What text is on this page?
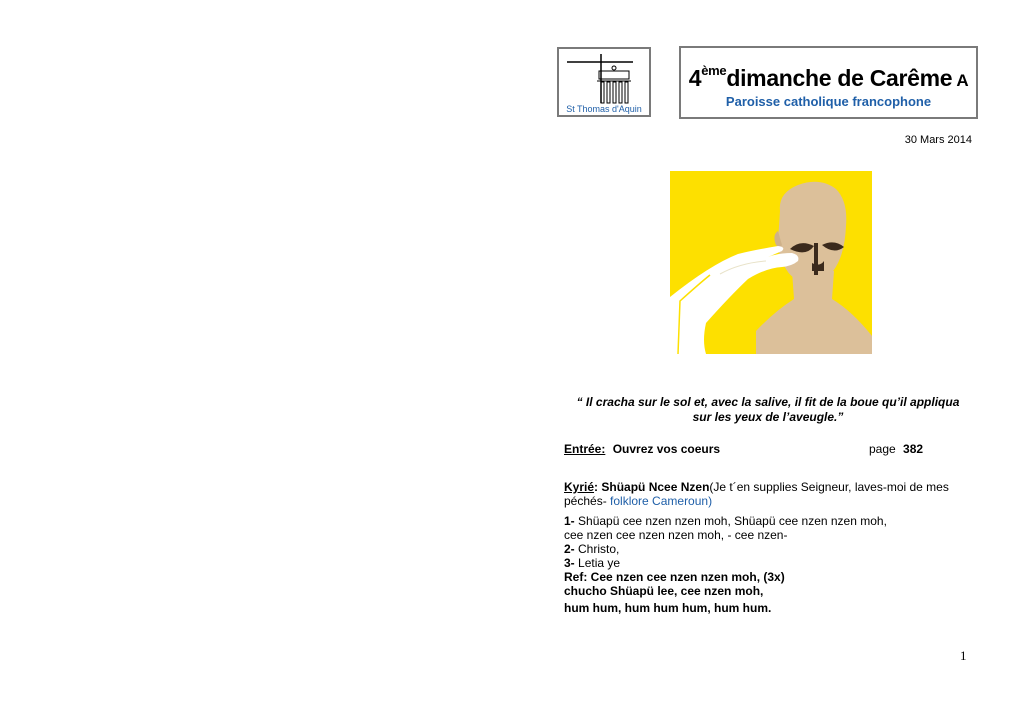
St Thomas d'Aquin
4èmedimanche de Carême A
Paroisse catholique francophone
30 Mars 2014
“ Il cracha sur le sol et, avec la salive, il fit de la boue qu’il appliqua
sur les yeux de l’aveugle.”
Entrée: Ouvrez vos coeurs	page 382
Kyrié: Shüapü Ncee Nzen(Je t´en supplies Seigneur, laves-moi de mes
péchés- folklore Cameroun)
1- Shüapü cee nzen nzen moh, Shüapü cee nzen nzen moh,
cee nzen cee nzen nzen moh, - cee nzen-
2- Christo,
3- Letia ye
Ref: Cee nzen cee nzen nzen moh, (3x)
chucho Shüapü lee, cee nzen moh,
hum hum, hum hum hum, hum hum.
1
